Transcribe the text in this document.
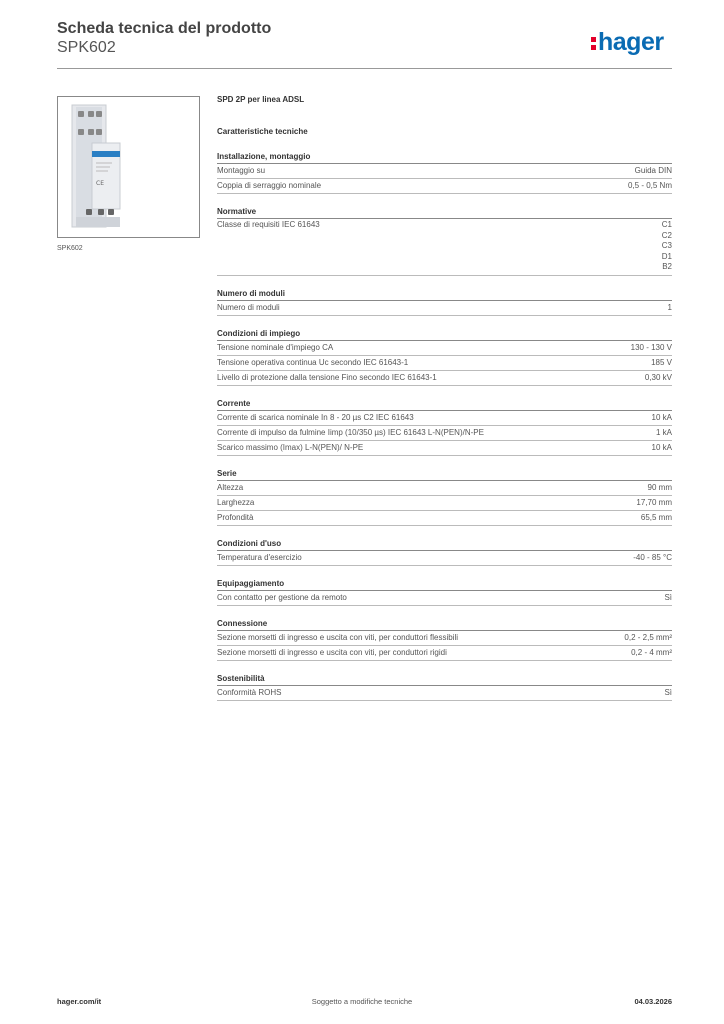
Scheda tecnica del prodotto
SPK602	hager
CE
SPK602
SPD 2P per linea ADSL
Caratteristiche tecniche
Installazione, montaggio
Montaggio su	Guida DIN
Coppia di serraggio nominale	0,5 - 0,5 Nm
Normative
Classe di requisiti IEC 61643	C1
C2
C3
D1
B2
Numero di moduli
Numero di moduli	1
Condizioni di impiego
Tensione nominale d'impiego CA	130 - 130 V
Tensione operativa continua Uc secondo IEC 61643-1	185 V
Livello di protezione dalla tensione Fino secondo IEC 61643-1	0,30 kV
Corrente
Corrente di scarica nominale In 8 - 20 µs C2 IEC 61643	10 kA
Corrente di impulso da fulmine Iimp (10/350 µs) IEC 61643 L-N(PEN)/N-PE	1 kA
Scarico massimo (Imax) L-N(PEN)/ N-PE	10 kA
Serie
Altezza	90 mm
Larghezza	17,70 mm
Profondità	65,5 mm
Condizioni d'uso
Temperatura d'esercizio	-40 - 85 °C
Equipaggiamento
Con contatto per gestione da remoto	Sì
Connessione
Sezione morsetti di ingresso e uscita con viti, per conduttori flessibili	0,2 - 2,5 mm²
Sezione morsetti di ingresso e uscita con viti, per conduttori rigidi	0,2 - 4 mm²
Sostenibilità
Conformità ROHS	Sì
hager.com/it	Soggetto a modifiche tecniche	04.03.2026
